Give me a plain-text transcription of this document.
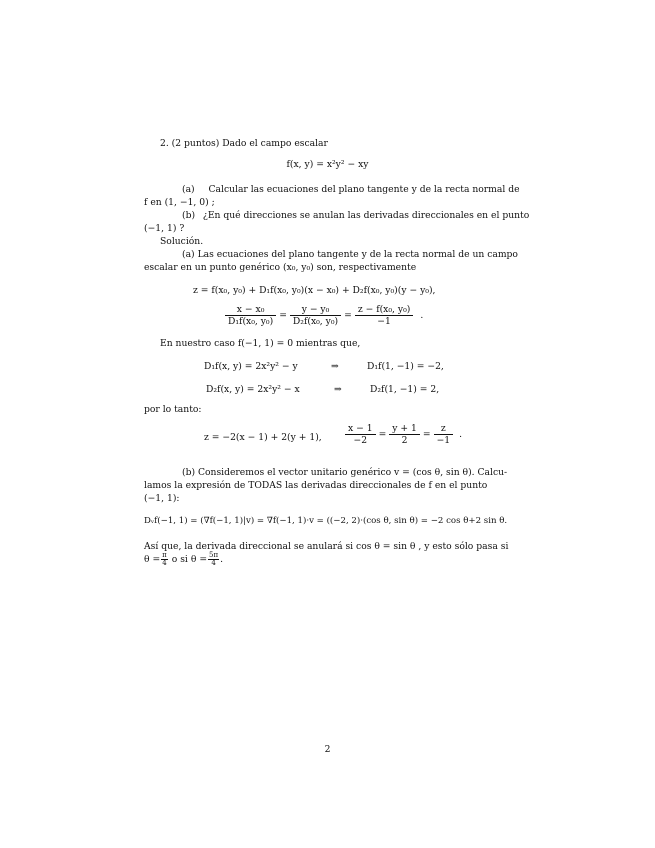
2. (2 puntos) Dado el campo escalar
f(x, y) = x²y² − xy
(a) Calcular las ecuaciones del plano tangente y de la recta normal de
f en (1, −1, 0) ;
(b) ¿En qué direcciones se anulan las derivadas direccionales en el punto
(−1, 1) ?
Solución.
(a) Las ecuaciones del plano tangente y de la recta normal de un campo
escalar en un punto genérico (x₀, y₀) son, respectivamente
z = f(x₀, y₀) + D₁f(x₀, y₀)(x − x₀) + D₂f(x₀, y₀)(y − y₀),
$\frac{\text{x − x₀}}{\text{D₁f(x₀, y₀)}} = \frac{\text{y − y₀}}{\text{D₂f(x₀, y₀)}} = \frac{\text{z − f(x₀, y₀)}}{-1}$ .
En nuestro caso f(−1, 1) = 0 mientras que,
D₁f(x, y) = 2x²y² − y	⇒	D₁f(1, −1) = −2,
D₂f(x, y) = 2x²y² − x	⇒	D₂f(1, −1) = 2,
por lo tanto:
z = −2(x − 1) + 2(y + 1),	$\frac{x - 1}{-2} = \frac{y + 1}{2} = \frac{z}{-1}$ .
(b) Consideremos el vector unitario genérico v = (cos θ, sin θ). Calcu-
lamos la expresión de TODAS las derivadas direccionales de f en el punto
(−1, 1):
Dᵥf(−1, 1) = (∇f(−1, 1)|v) = ∇f(−1, 1)·v = ((−2, 2)·(cos θ, sin θ) = −2 cos θ+2 sin θ.
Así que, la derivada direccional se anulará si cos θ = sin θ , y esto sólo pasa si
$\theta = \frac{\pi}{4}$ o si $\theta = \frac{5\pi}{4}$ .
2
